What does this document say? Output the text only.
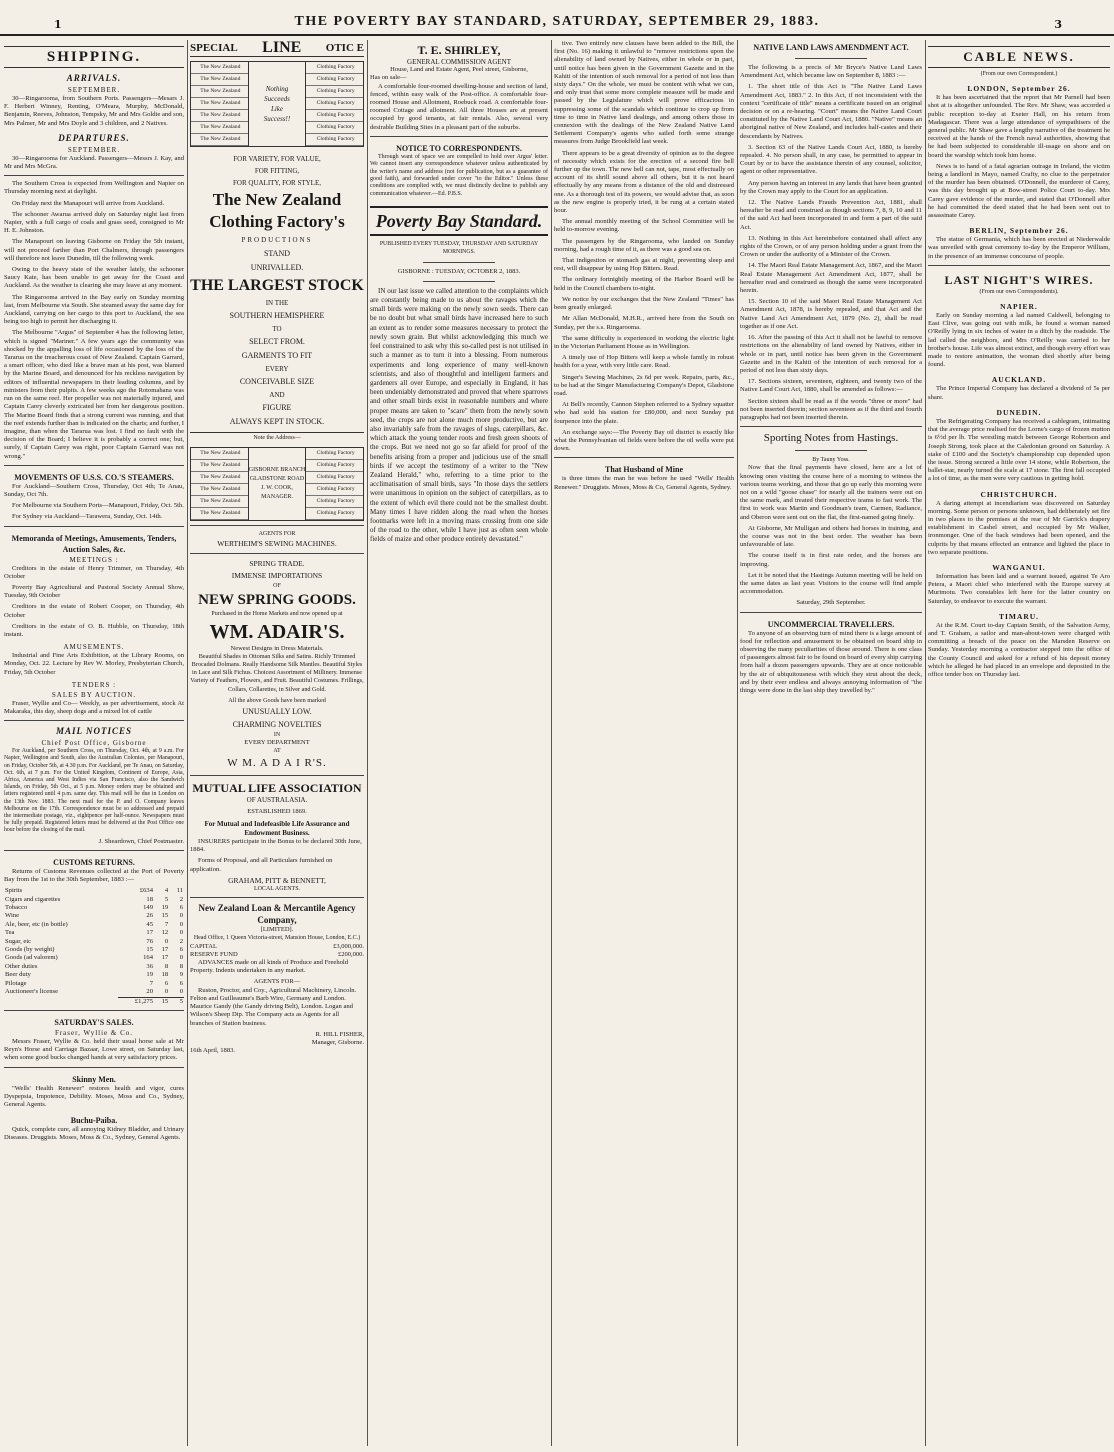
1	THE POVERTY BAY STANDARD, SATURDAY, SEPTEMBER 29, 1883.	3
SHIPPING.
ARRIVALS.
SEPTEMBER.

30—Ringarooma, from Southern Ports. Passengers—Mesars J. F. Herbert Winney, Renting, O'Meara, Murphy, McDonald, Benjamin, Reeves, Johnston, Tempsky, Mr and Mrs Goldie and son, Mrs Palmer, Mr and Mrs Doyle and 3 children, and 2 Natives.

DEPARTURES.
SEPTEMBER.

30—Ringarooma for Auckland. Passengers—Messrs J. Kay, and Mr and Mrs McGra.

The Southern Cross is expected from Wellington and Napier on Thursday morning next at daylight.

On Friday next the Manapouri will arrive from Auckland.

The schooner Awarua arrived duly on Saturday night last from Napier, with a full cargo of coals and grass seed, consigned to Mr H. E. Johnston.

The Manapouri on leaving Gisborne on Friday the 5th instant, will not proceed farther than Port Chalmers, through passengers will therefore not leave Dunedin, till the following week.

Owing to the heavy state of the weather lately, the schooner Saucy Kate, has been unable to get away for the Coast and Auckland. As the weather is clearing she may leave at any moment.

The Ringarooma arrived in the Bay early on Sunday morning last, from Melbourne via South. She steamed away the same day for Auckland, carrying on her cargo to this port to Auckland, the sea being too high to permit her discharging it.

The Melbourne "Argus" of September 4 has the following letter, which is signed "Mariner." A few years ago the community was shocked by the appalling loss of life occasioned by the loss of the Tararua on the treacherous coast of New Zealand. Captain Garrard, a smart officer, who died like a brave man at his post, was blamed by the Marine Board, and denounced for his reckless navigation by editors of influential newspapers in their leading columns, and by ministers from their pulpits. A few weeks ago the Rotomahana was run on the same reef. Her propeller was not materially injured, and Captain Carey cleverly extricated her from her dangerous position. The Marine Board finds that a strong current was running, and that the reef extends further than is indicated on the charts; and further, I imagine, than when the Tararua was lost. I find no fault with the decision of the Board; I believe it is probably a correct one; but, surely, if Captain Carey was right, poor Captain Garrard was not wrong."

MOVEMENTS OF U.S.S. CO.'S STEAMERS.

For Auckland—Southern Cross, Thursday, Oct 4th; Te Anau, Sunday, Oct 7th.

For Melbourne via Southern Ports—Manapouri, Friday, Oct. 5th.

For Sydney via Auckland—Tarawera, Sunday, Oct. 14th.

Memoranda of Meetings, Amusements, Tenders, Auction Sales, &c.
MEETINGS :

Creditors in the estate of Henry Trimmer, on Thursday, 4th October

Poverty Bay Agricultural and Pastoral Society Annual Show, Tuesday, 9th October

Creditors in the estate of Robert Cooper, on Thursday, 4th October

Creditors in the estate of O. B. Hubble, on Thursday, 18th instant.

AMUSEMENTS.

Industrial and Fine Arts Exhibition, at the Library Rooms, on Monday, Oct. 22. Lecture by Rev W. Morley, Presbyterian Church, Friday, 5th October

TENDERS :
SALES BY AUCTION.

Fraser, Wyllie and Co— Weekly, as per advertisement, stock At Makaraka, this day, sheep dogs and a mixed lot of cattle

MAIL NOTICES
Chief Post Office, Gisborne

For Auckland, per Southern Cross, on Thursday, Oct. 4th, at 9 a.m. For Napier, Wellington and South, also the Australian Colonies, per Manapouri, on Friday, October 5th, at 4.30 p.m. For Auckland, per Te Anau, on Saturday, Oct. 6th, at 7 p.m. For the United Kingdom, Continent of Europe, Asia, Africa, America and West Indies via San Francisco, also the Sandwich Islands, on Friday, 5th Oct., at 5 p.m. Money orders may be obtained and letters registered until 4 p.m. same day. This mail will be due in London on the 13th Nov. 1883. The next mail for the P. and O. Company leaves Melbourne on the 17th. Correspondence must be so addressed and prepaid the intermediate postage, viz., eightpence per half-ounce. Newspapers must be fully prepaid. Registered letters must be delivered at the Post Office one hour before the closing of the mail.

J. Sheardown, Chief Postmaster.
CUSTOMS RETURNS.

Returns of Customs Revenues collected at the Port of Poverty Bay from the 1st to the 30th September, 1883 :—

Spirits	£634	4	11
Cigars and cigarettes	18	5	2
Tobacco	149	19	6
Wine	26	15	0
Ale, beer, etc (in bottle)	45	7	0
Tea	17	12	0
Sugar, etc	76	0	2
Goods (by weight)	15	17	6
Goods (ad valorem)	164	17	0
Other duties	36	8	8
Beer duty	19	18	9
Pilotage	7	6	6
Auctioneer's license	20	0	0
	£1,275	15	5
SATURDAY'S SALES.
Fraser, Wyllie & Co.

Messrs Fraser, Wyllie & Co. held their usual horse sale at Mr Reyn's Horse and Carriage Bazaar, Lowe street, on Saturday last, when some good bucks changed hands at very satisfactory prices.

Skinny Men.

"Wells' Health Renewer" restores health and vigor, cures Dyspepsia, Impotence, Debility. Moses, Moss and Co., Sydney, General Agents.

Buchu-Paiba.

Quick, complete cure, all annoying Kidney Bladder, and Urinary Diseases. Druggists. Moses, Moss & Co., Sydney, General Agents.

SPECIAL LINE OTIC E
The New Zealand
The New Zealand
The New Zealand
The New Zealand
The New Zealand
The New Zealand
The New Zealand
Nothing
Succeeds
Like
Success!!
Clothing Factory
Clothing Factory
Clothing Factory
Clothing Factory
Clothing Factory
Clothing Factory
Clothing Factory
FOR VARIETY, FOR VALUE,
FOR FITTING,
FOR QUALITY, FOR STYLE,
The New Zealand
Clothing Factory's
PRODUCTIONS
STAND
UNRIVALLED.
THE LARGEST STOCK
IN THE
SOUTHERN HEMISPHERE
TO
SELECT FROM.
GARMENTS TO FIT
EVERY
CONCEIVABLE SIZE
AND
FIGURE
ALWAYS KEPT IN STOCK.
Note the Address—
The New Zealand
The New Zealand
The New Zealand
The New Zealand
The New Zealand
The New Zealand
GISBORNE BRANCH
GLADSTONE ROAD
J. W. COOK,
MANAGER.
Clothing Factory
Clothing Factory
Clothing Factory
Clothing Factory
Clothing Factory
Clothing Factory
AGENTS FOR
WERTHEIM'S SEWING MACHINES.
SPRING TRADE.
IMMENSE IMPORTATIONS
OF
NEW SPRING GOODS.
Purchased in the Home Markets and now opened up at
WM. ADAIR'S.
Newest Designs in Dress Materials.

Beautiful Shades in Ottoman Silks and Satins. Richly Trimmed Brocaded Dolmans. Really Handsome Silk Mantles. Beautiful Styles in Lace and Silk Fichus. Choicest Assortment of Millinery. Immense Variety of Feathers, Flowers, and Fruit. Beautiful Costumes. Frillings, Collars, Collarettes, in Silver and Gold.

All the above Goods have been marked
UNUSUALLY LOW.
CHARMING NOVELTIES
IN
EVERY DEPARTMENT
AT
W M. A D A I R'S.
MUTUAL LIFE ASSOCIATION
OF AUSTRALASIA.
ESTABLISHED 1869.
For Mutual and Indefeasible Life Assurance and Endowment Business.

INSURERS participate in the Bonus to be declared 30th June, 1884.

Forms of Proposal, and all Particulars furnished on application.

GRAHAM, PITT & BENNETT,
LOCAL AGENTS.
New Zealand Loan & Mercantile Agency Company,
[LIMITED].
Head Office, 1 Queen Victoria-street, Mansion House, London, E.C.)
CAPITAL	£3,000,000.
RESERVE FUND	£200,000.

ADVANCES made on all kinds of Produce and Freehold Property. Indents undertaken in any market.

AGENTS FOR—

Ruston, Proctor, and Coy., Agricultural Machinery, Lincoln. Felton and Guilleaume's Barb Wire, Germany and London. Maurice Gandy (the Gandy driving Belt), London. Logan and Wilson's Sheep Dip. The Company acts as Agents for all branches of Station business.

R. HILL FISHER,
Manager, Gisborne.
16th April, 1883.
T. E. SHIRLEY,
GENERAL COMMISSION AGENT
House, Land and Estate Agent, Peel street, Gisborne,
Has on sale—

A comfortable four-roomed dwelling-house and section of land, fenced, within easy walk of the Post-office. A comfortable four-roomed House and Allotment, Roebuck road. A comfortable four-roomed Cottage and allotment. All three Houses are at present occupied by good tenants, at fair rentals. Also, several very desirable Building Sites in a pleasant part of the suburbs.

NOTICE TO CORRESPONDENTS.

Through want of space we are compelled to hold over Argus' letter. We cannot insert any correspondence whatever unless authenticated by the writer's name and address (not for publication, but as a guarantee of good faith), and forwarded under cover "to the Editor." Unless these conditions are complied with, we must distinctly decline to publish any communication whatever.—Ed. P.B.S.

Poverty Bay Standard.
PUBLISHED EVERY TUESDAY, THURSDAY AND SATURDAY MORNINGS.
GISBORNE : TUESDAY, OCTOBER 2, 1883.

IN our last issue we called attention to the complaints which are constantly being made to us about the ravages which the small birds were making on the newly sown seeds. There can be no doubt but what small birds have increased here to such an extent as to render some measures necessary to protect the newly sown grain. But whilst acknowledging this much we feel constrained to ask why this so-called pest is not utilised in such a manner as to turn it into a blessing. From numerous experiments and long experience of many well-known scientists, and also of thoughtful and intelligent farmers and gardeners all over Europe, and especially in England, it has been undeniably demonstrated and proved that where sparrows and other small birds exist in reasonable numbers and where proper means are taken to "scare" them from the newly sown seed, the crops are not alone much more productive, but are also invariably safe from the ravages of slugs, caterpillars, &c. which attack the young tender roots and fresh green shoots of the crops. But we need not go so far afield for proof of the benefits arising from a proper and judicious use of the small birds if we accept the testimony of a writer to the "New Zealand Herald," who, referring to a time prior to the acclimatisation of small birds, says "In those days the settlers were unanimous in opinion on the subject of caterpillars, as to the extent of which evil there could not be the smallest doubt. Many times I have ridden along the road when the horses footmarks were left in a moving mass crossing from one side of the road to the other, while I have just as often seen whole fields of maize and other produce entirely devastated."

tive. Two entirely new clauses have been added to the Bill, the first (No. 16) making it unlawful to "remove restrictions upon the alienability of land owned by Natives, either in whole or in part, until notice has been given in the Government Gazette and in the Kahiti of the intention of such removal for a period of not less than sixty days." On the whole, we must be content with what we can, and only trust that some more complete measure will be made and passed by the Legislature which will prove efficacious in suppressing some of the scandals which continue to crop up from time to time in Native land dealings, and among others those in connexion with the dealings of the New Zealand Native Land Settlement Company's agents who sailed forth some strange measures from Judge Brookfield last week.

There appears to be a great diversity of opinion as to the degree of necessity which exists for the erection of a second fire bell further up the town. The new bell can not, tape, most effectually on account of its shrill sound above all others, but it is not heard effectually by any means from a distance of the old and distressed one. As a thorough test of its powers, we would advise that, as soon as the new engine is properly tried, it be rung at a certain stated hour.

The annual monthly meeting of the School Committee will be held to-morrow evening.

The passengers by the Ringarooma, who landed on Sunday morning, had a rough time of it, as there was a good sea on.

That indigestion or stomach gas at night, preventing sleep and rest, will disappear by using Hop Bitters. Read.

The ordinary fortnightly meeting of the Harbor Board will be held in the Council chambers to-night.

We notice by our exchanges that the New Zealand "Times" has been greatly enlarged.

Mr Allan McDonald, M.H.R., arrived here from the South on Sunday, per the s.s. Ringarooma.

The same difficulty is experienced in working the electric light in the Victorian Parliament House as in Wellington.

A timely use of Hop Bitters will keep a whole family in robust health for a year, with very little care. Read.

Singer's Sewing Machines, 2s 6d per week. Repairs, parts, &c., to be had at the Singer Manufacturing Company's Depot, Gladstone road.

At Bell's recently, Cannon Stephen referred to a Sydney squatter who had sold his station for £80,000, and next Sunday put fourpence into the plate.

An exchange says:—The Poverty Bay oil district is exactly like what the Pennsylvanian oil fields were before the oil wells were put down.

That Husband of Mine

is three times the man he was before he used "Wells' Health Renewer." Druggists. Moses, Moss & Co, General Agents, Sydney.

NATIVE LAND LAWS AMENDMENT ACT.

The following is a precis of Mr Bryce's Native Land Laws Amendment Act, which became law on September 8, 1883 :—

1. The short title of this Act is "The Native Land Laws Amendment Act, 1883." 2. In this Act, if not inconsistent with the context "certificate of title" means a certificate issued on an original decision or on a re-hearing. "Court" means the Native Land Court constituted by the Native Land Court Act, 1880. "Native" means an aboriginal native of New Zealand, and includes half-castes and their descendants by Natives.

3. Section 63 of the Native Lands Court Act, 1880, is hereby repealed. 4. No person shall, in any case, be permitted to appear in Court by or to have the assistance therein of any counsel, solicitor, agent or other representative.

Any person having an interest in any lands that have been granted by the Crown may apply to the Court for an application.

12. The Native Lands Frauds Prevention Act, 1881, shall hereafter be read and construed as though sections 7, 8, 9, 10 and 11 of the said Act had been incorporated in and form a part of the said Act.

13. Nothing in this Act hereinbefore contained shall affect any rights of the Crown, or of any person holding under a grant from the Crown or under the authority of a Minister of the Crown.

14. The Maori Real Estate Management Act, 1867, and the Maori Real Estate Management Act Amendment Act, 1877, shall be hereafter read and construed as though the same were incorporated herein.

15. Section 10 of the said Maori Real Estate Management Act Amendment Act, 1878, is hereby repealed, and that Act and the Native Land Act Amendment Act, 1879 (No. 2), shall be read together as if one Act.

16. After the passing of this Act it shall not be lawful to remove restrictions on the alienability of land owned by Natives, either in whole or in part, until notice has been given in the Government Gazette and in the Kahiti of the intention of such removal for a period of not less than sixty days.

17. Sections sixteen, seventeen, eighteen, and twenty two of the Native Land Court Act, 1880, shall be amended as follows:—

Section sixteen shall be read as if the words "three or more" had not been inserted therein; section seventeen as if the third and fourth paragraphs had not been inserted therein.

Sporting Notes from Hastings.
By Tauny Yoss.

Now that the final payments have closed, here are a lot of knowing ones visiting the course here of a morning to witness the various teams working, and those that go up early this morning were not on a wild "goose chase" for nearly all the trainers were out on the same mark, and treated their respective teams to fast work. The first to work was Martin and Goodman's team, Carmen, Radiance, and Oberon were sent out on the flat, the first-named going finely.

At Gisborne, Mr Mulligan and others had horses in training, and the course was not in the best order. The weather has been unfavourable of late.

The course itself is in first rate order, and the horses are improving.

Let it be noted that the Hastings Autumn meeting will be held on the same dates as last year. Visitors to the course will find ample accommodation.

Saturday, 29th September.
UNCOMMERCIAL TRAVELLERS.

To anyone of an observing turn of mind there is a large amount of food for reflection and amusement to be obtained on board ship in observing the many peculiarities of those around. There is one class of passengers almost fair to be found on board of every ship carrying from half a dozen passengers upwards. They are at once noticeable by the air of ubiquitousness with which they strut about the deck, and by their ever endless and always annoying information of "the things were done in the last ship they travelled by."

CABLE NEWS.
(From our own Correspondent.)
LONDON, September 26.

It has been ascertained that the report that Mr Parnell had been shot at is altogether unfounded. The Rev. Mr Shaw, was accorded a public reception to-day at Exeter Hall, on his return from Madagascar. There was a large attendance of sympathisers of the general public. Mr Shaw gave a lengthy narrative of the treatment he received at the hands of the French naval authorities, showing that he had been subjected to considerable ill-usage on shore and on board the warship which took him home.

News is to hand of a fatal agrarian outrage in Ireland, the victim being a landlord in Mayo, named Crafty, no clue to the perpetrator of the murder has been obtained. O'Donnell, the murderer of Carey, was this day brought up at Bow-street Police Court to-day. Mrs Carey gave evidence of the murder, and stated that O'Donnell after he had committed the deed stated that he had been sent out to assassinate Carey.

BERLIN, September 26.

The statue of Germania, which has been erected at Niederwalde was unveiled with great ceremony to-day by the Emperor William, in the presence of an immense concourse of people.

LAST NIGHT'S WIRES.
(From our own Correspondents).
NAPIER.

Early on Sunday morning a lad named Caldwell, belonging to East Clive, was going out with milk, he found a woman named O'Reilly lying in six inches of water in a ditch by the roadside. The lad called the neighbors, and Mrs O'Reilly was carried to her brother's house. Life was almost extinct, and though every effort was made to restore animation, the woman died shortly after being found.

AUCKLAND.

The Prince Imperial Company has declared a dividend of 5s per share.

DUNEDIN.

The Refrigerating Company has received a cablegram, intimating that the average price realised for the Lorne's cargo of frozen mutton is 6½d per lb. The wrestling match between George Robertson and Joseph Strong, took place at the Caledonian ground on Saturday. A stake of £100 and the Society's championship cup depended upon the issue. Strong secured a little over 14 stone, while Robertson, the ballet-star, nearly turned the scale at 17 stone. The first fall occupied a lot of time, as the men were very cautious in getting hold.

CHRISTCHURCH.

A daring attempt at incendiarism was discovered on Saturday morning. Some person or persons unknown, had deliberately set fire in two places to the premises at the rear of Mr Garrick's drapery establishment in Cashel street, and occupied by Mr Walker, ironmonger. One of the back windows had been opened, and the culprits by that means effected an entrance and lighted the place in two separate positions.

WANGANUI.

Information has been laid and a warrant issued, against Te Aro Petera, a Maori chief who interfered with the Europe survey at Murimotu. Two constables left here for the latter country on Saturday, to endeavor to execute the warrant.

TIMARU.

At the R.M. Court to-day Captain Smith, of the Salvation Army, and T. Graham, a sailor and man-about-town were charged with committing a breach of the peace on the Marsden Reserve on Sunday. Yesterday morning a contractor stepped into the office of the County Council and asked for a refund of his deposit money which he alleged he had placed in an envelope and deposited in the office tender box on Thursday last.
